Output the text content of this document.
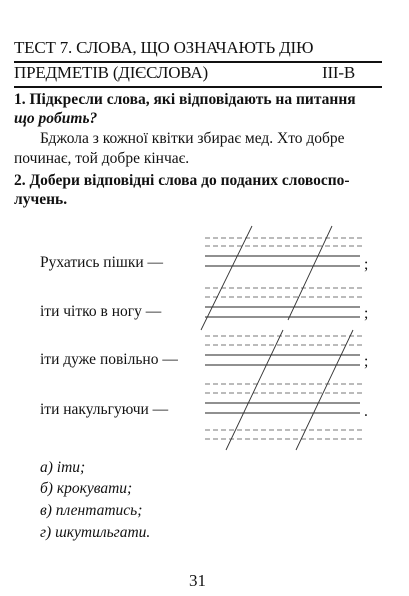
ТЕСТ 7. СЛОВА, ЩО ОЗНАЧАЮТЬ ДІЮ
ПРЕДМЕТІВ (ДІЄСЛОВА)	ІІІ-В
1. Підкресли слова, які відповідають на питання
що робить?
Бджола з кожної квітки збирає мед. Хто добре
починає, той добре кінчає.
2. Добери відповідні слова до поданих словоспо-
лучень.
Рухатись пішки —	;
іти чітко в ногу —	;
іти дуже повільно —	;
іти накульгуючи —	.
а) іти;
б) крокувати;
в) плентатись;
г) шкутильгати.
31
